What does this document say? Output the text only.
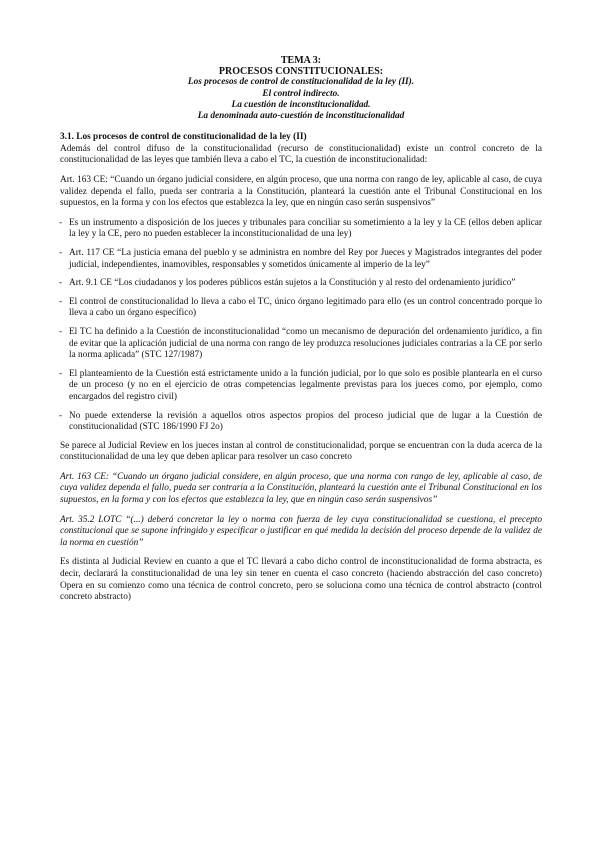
TEMA 3:
PROCESOS CONSTITUCIONALES:
Los procesos de control de constitucionalidad de la ley (II).
El control indirecto.
La cuestión de inconstitucionalidad.
La denominada auto-cuestión de inconstitucionalidad
3.1. Los procesos de control de constitucionalidad de la ley (II)

Además del control difuso de la constitucionalidad (recurso de constitucionalidad) existe un control concreto de la constitucionalidad de las leyes que también lleva a cabo el TC, la cuestión de inconstitucionalidad:

Art. 163 CE: “Cuando un órgano judicial considere, en algún proceso, que una norma con rango de ley, aplicable al caso, de cuya validez dependa el fallo, pueda ser contraria a la Constitución, planteará la cuestión ante el Tribunal Constitucional en los supuestos, en la forma y con los efectos que establezca la ley, que en ningún caso serán suspensivos”

- Es un instrumento a disposición de los jueces y tribunales para conciliar su sometimiento a la ley y la CE (ellos deben aplicar la ley y la CE, pero no pueden establecer la inconstitucionalidad de una ley)
- Art. 117 CE “La justicia emana del pueblo y se administra en nombre del Rey por Jueces y Magistrados integrantes del poder judicial, independientes, inamovibles, responsables y sometidos únicamente al imperio de la ley”
- Art. 9.1 CE “Los ciudadanos y los poderes públicos están sujetos a la Constitución y al resto del ordenamiento jurídico”
- El control de constitucionalidad lo lleva a cabo el TC, único órgano legitimado para ello (es un control concentrado porque lo lleva a cabo un órgano específico)
- El TC ha definido a la Cuestión de inconstitucionalidad “como un mecanismo de depuración del ordenamiento jurídico, a fin de evitar que la aplicación judicial de una norma con rango de ley produzca resoluciones judiciales contrarias a la CE por serlo la norma aplicada” (STC 127/1987)
- El planteamiento de la Cuestión está estrictamente unido a la función judicial, por lo que solo es posible plantearla en el curso de un proceso (y no en el ejercicio de otras competencias legalmente previstas para los jueces como, por ejemplo, como encargados del registro civil)
- No puede extenderse la revisión a aquellos otros aspectos propios del proceso judicial que de lugar a la Cuestión de constitucionalidad (STC 186/1990 FJ 2o)

Se parece al Judicial Review en los jueces instan al control de constitucionalidad, porque se encuentran con la duda acerca de la constitucionalidad de una ley que deben aplicar para resolver un caso concreto

Art. 163 CE: “Cuando un órgano judicial considere, en algún proceso, que una norma con rango de ley, aplicable al caso, de cuya validez dependa el fallo, pueda ser contraria a la Constitución, planteará la cuestión ante el Tribunal Constitucional en los supuestos, en la forma y con los efectos que establezca la ley, que en ningún caso serán suspensivos”

Art. 35.2 LOTC “(...) deberá concretar la ley o norma con fuerza de ley cuya constitucionalidad se cuestiona, el precepto constitucional que se supone infringido y especificar o justificar en qué medida la decisión del proceso depende de la validez de la norma en cuestión”

Es distinta al Judicial Review en cuanto a que el TC llevará a cabo dicho control de inconstitucionalidad de forma abstracta, es decir, declarará la constitucionalidad de una ley sin tener en cuenta el caso concreto (haciendo abstracción del caso concreto) Opera en su comienzo como una técnica de control concreto, pero se soluciona como una técnica de control abstracto (control concreto abstracto)
